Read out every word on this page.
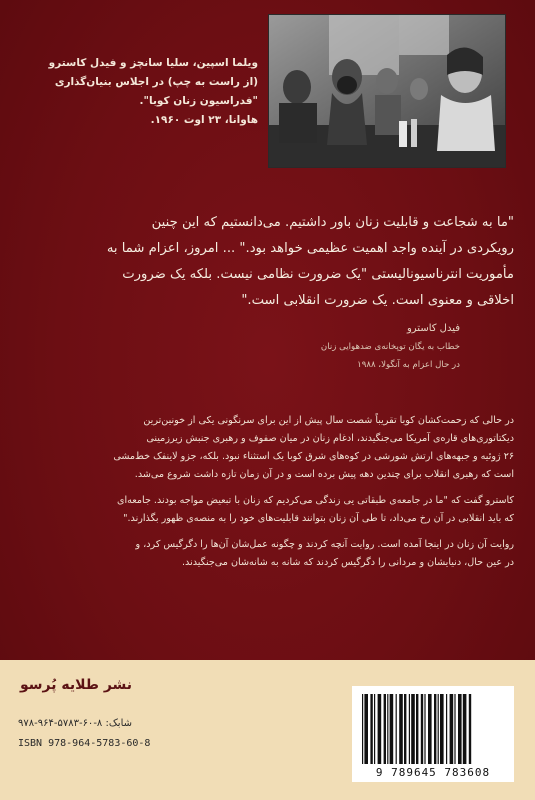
ویلما اسپین، سلیا سانچز و فیدل کاسترو
(از راست به چپ) در اجلاس بنیان‌گذاری
"فدراسیون زنان کوبا".
هاوانا، ۲۳ اوت ۱۹۶۰.
"ما به شجاعت و قابلیت زنان باور داشتیم. می‌دانستیم که این چنین
رویکردی در آینده واجد اهمیت عظیمی خواهد بود." ... امروز، اعزام شما به
مأموریت انترناسیونالیستی "یک ضرورت نظامی نیست. بلکه یک ضرورت
اخلاقی و معنوی است. یک ضرورت انقلابی است."
فیدل کاسترو
خطاب به یگان توپخانه‌ی ضدهوایی زنان
در حال اعزام به آنگولا، ۱۹۸۸

در حالی که زحمت‌کشان کوبا تقریباً شصت سال پیش از این برای سرنگونی یکی از خونین‌ترین
دیکتاتوری‌های قاره‌ی آمریکا می‌جنگیدند، ادغام زنان در میان صفوف و رهبری جنبش زیرزمینی
۲۶ ژوئیه و جبهه‌های ارتش شورشی در کوه‌های شرق کوبا یک استثناء نبود. بلکه، جزو لاینفک خط‌مشی
است که رهبری انقلاب برای چندین دهه پیش برده است و در آن زمان تازه داشت شروع می‌شد.

کاسترو گفت که "ما در جامعه‌ی طبقاتی‌ یی زندگی می‌کردیم که زنان با تبعیض مواجه بودند. جامعه‌ای
که باید انقلابی در آن رخ می‌داد، تا طی آن زنان بتوانند قابلیت‌های خود را به منصه‌ی ظهور بگذارند."

روایت آن زنان در اینجا آمده است. روایت آنچه کردند و چگونه عمل‌شان آن‌ها را دگرگیس کرد، و
در عین حال، دنیایشان و مردانی را دگرگیس کردند که شانه به شانه‌شان می‌جنگیدند.

نشر طلایه پُرسو
شابک: ۸-۶۰-۵۷۸۳-۹۶۴-۹۷۸
ISBN 978-964-5783-60-8
9 789645 783608
